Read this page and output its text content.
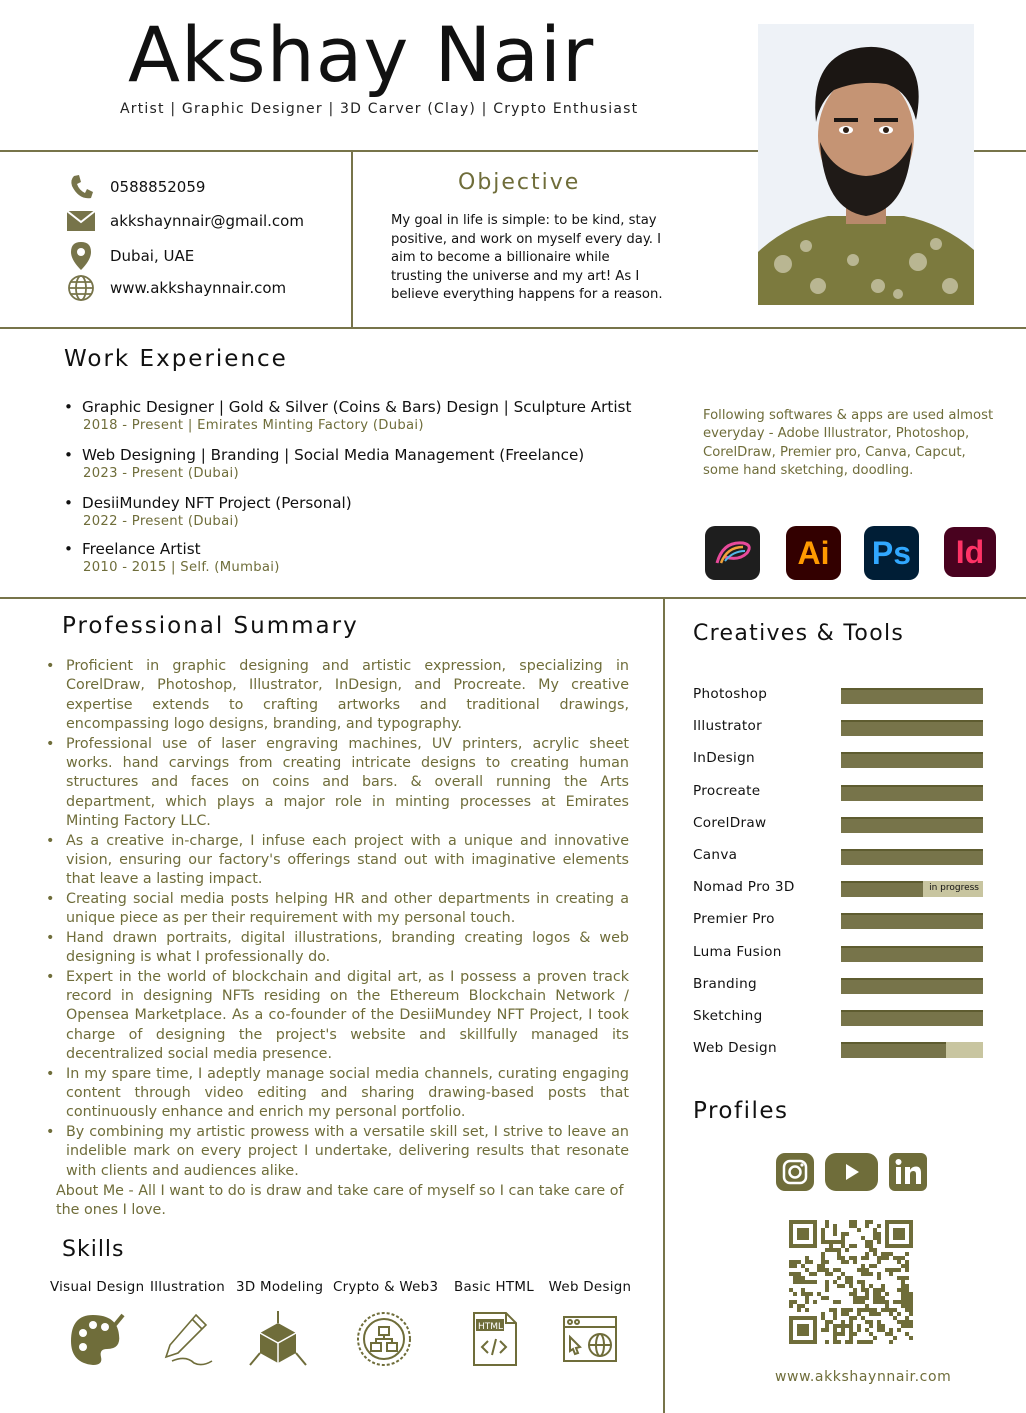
Akshay Nair
Artist | Graphic Designer | 3D Carver (Clay) | Crypto Enthusiast
0588852059
akkshaynnair@gmail.com
Dubai, UAE
www.akkshaynnair.com
Objective
My goal in life is simple: to be kind, stay positive, and work on myself every day. I aim to become a billionaire while trusting the universe and my art! As I believe everything happens for a reason.
Work Experience
• Graphic Designer | Gold & Silver (Coins & Bars) Design | Sculpture Artist
2018 - Present | Emirates Minting Factory (Dubai)
• Web Designing | Branding | Social Media Management (Freelance)
2023 - Present (Dubai)
• DesiiMundey NFT Project (Personal)
2022 - Present (Dubai)
• Freelance Artist
2010 - 2015 | Self. (Mumbai)
Following softwares & apps are used almost everyday - Adobe Illustrator, Photoshop, CorelDraw, Premier pro, Canva, Capcut, some hand sketching, doodling.
Ai	Ps	Id
Professional Summary
• Proficient in graphic designing and artistic expression, specializing in CorelDraw, Photoshop, Illustrator, InDesign, and Procreate. My creative expertise extends to crafting artworks and traditional drawings, encompassing logo designs, branding, and typography.
• Professional use of laser engraving machines, UV printers, acrylic sheet works. hand carvings from creating intricate designs to creating human structures and faces on coins and bars. & overall running the Arts department, which plays a major role in minting processes at Emirates Minting Factory LLC.
• As a creative in-charge, I infuse each project with a unique and innovative vision, ensuring our factory's offerings stand out with imaginative elements that leave a lasting impact.
• Creating social media posts helping HR and other departments in creating a unique piece as per their requirement with my personal touch.
• Hand drawn portraits, digital illustrations, branding creating logos & web designing is what I professionally do.
• Expert in the world of blockchain and digital art, as I possess a proven track record in designing NFTs residing on the Ethereum Blockchain Network / Opensea Marketplace. As a co-founder of the DesiiMundey NFT Project, I took charge of designing the project's website and skillfully managed its decentralized social media presence.
• In my spare time, I adeptly manage social media channels, curating engaging content through video editing and sharing drawing-based posts that continuously enhance and enrich my personal portfolio.
• By combining my artistic prowess with a versatile skill set, I strive to leave an indelible mark on every project I undertake, delivering results that resonate with clients and audiences alike.
About Me - All I want to do is draw and take care of myself so I can take care of the ones I love.
Skills
Visual Design Illustration 3D Modeling Crypto & Web3 Basic HTML
HTML
Web Design
Creatives & Tools
Photoshop
Illustrator
InDesign
Procreate
CorelDraw
Canva
Nomad Pro 3D	in progress
Premier Pro
Luma Fusion
Branding
Sketching
Web Design
Profiles
www.akkshaynnair.com
